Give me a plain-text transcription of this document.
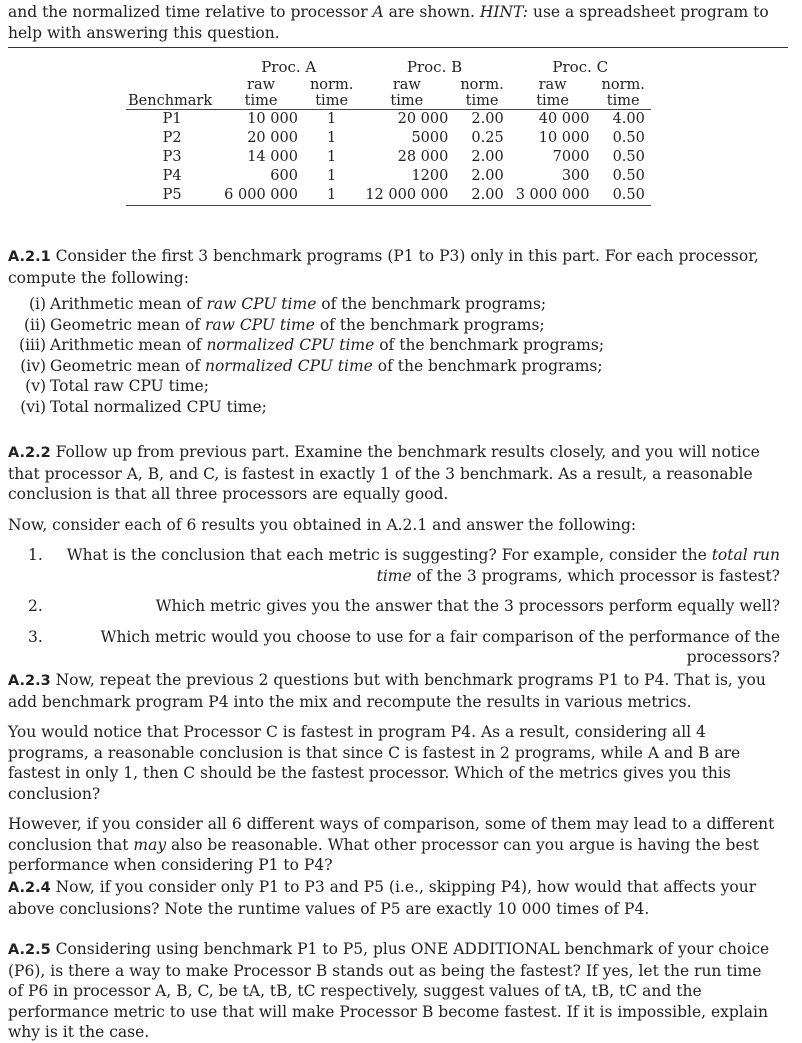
and the normalized time relative to processor A are shown. HINT: use a spreadsheet program to help with answering this question.

	Proc. A		Proc. B		Proc. C	
	raw	norm.	raw	norm.	raw	norm.
Benchmark	time	time	time	time	time	time
P1	10 000	1	20 000	2.00	40 000	4.00
P2	20 000	1	5000	0.25	10 000	0.50
P3	14 000	1	28 000	2.00	7000	0.50
P4	600	1	1200	2.00	300	0.50
P5	6 000 000	1	12 000 000	2.00	3 000 000	0.50

A.2.1 Consider the first 3 benchmark programs (P1 to P3) only in this part. For each processor, compute the following:

(i) Arithmetic mean of raw CPU time of the benchmark programs;
(ii) Geometric mean of raw CPU time of the benchmark programs;
(iii) Arithmetic mean of normalized CPU time of the benchmark programs;
(iv) Geometric mean of normalized CPU time of the benchmark programs;
(v) Total raw CPU time;
(vi) Total normalized CPU time;

A.2.2 Follow up from previous part. Examine the benchmark results closely, and you will notice that processor A, B, and C, is fastest in exactly 1 of the 3 benchmark. As a result, a reasonable conclusion is that all three processors are equally good.

Now, consider each of 6 results you obtained in A.2.1 and answer the following:

1. What is the conclusion that each metric is suggesting? For example, consider the total run time of the 3 programs, which processor is fastest?
2.	Which metric gives you the answer that the 3 processors perform equally well?
3.	Which metric would you choose to use for a fair comparison of the performance of the processors?

A.2.3 Now, repeat the previous 2 questions but with benchmark programs P1 to P4. That is, you add benchmark program P4 into the mix and recompute the results in various metrics.

You would notice that Processor C is fastest in program P4. As a result, considering all 4 programs, a reasonable conclusion is that since C is fastest in 2 programs, while A and B are fastest in only 1, then C should be the fastest processor. Which of the metrics gives you this conclusion?

However, if you consider all 6 different ways of comparison, some of them may lead to a different conclusion that may also be reasonable. What other processor can you argue is having the best performance when considering P1 to P4?

A.2.4 Now, if you consider only P1 to P3 and P5 (i.e., skipping P4), how would that affects your above conclusions? Note the runtime values of P5 are exactly 10 000 times of P4.

A.2.5 Considering using benchmark P1 to P5, plus ONE ADDITIONAL benchmark of your choice (P6), is there a way to make Processor B stands out as being the fastest? If yes, let the run time of P6 in processor A, B, C, be tA, tB, tC respectively, suggest values of tA, tB, tC and the performance metric to use that will make Processor B become fastest. If it is impossible, explain why is it the case.
